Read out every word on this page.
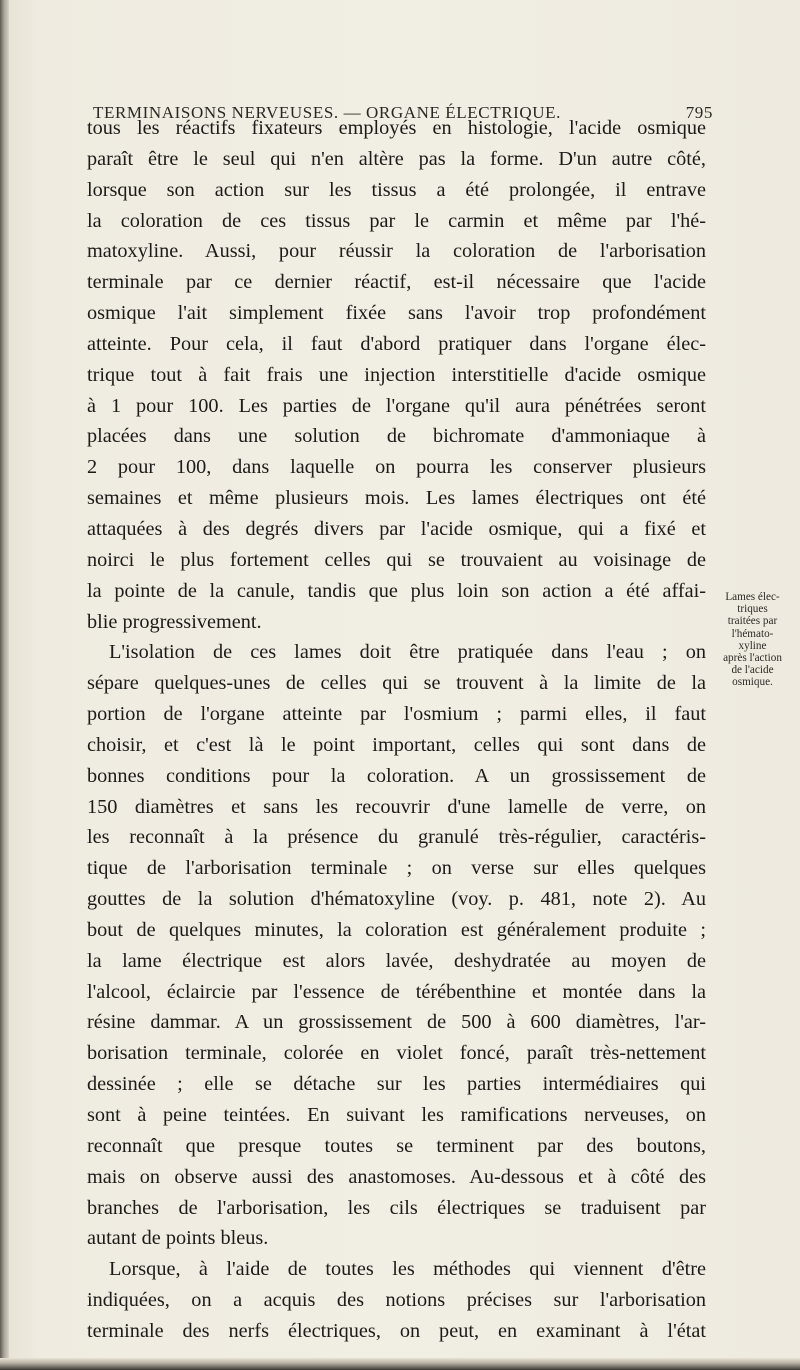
TERMINAISONS NERVEUSES. — ORGANE ÉLECTRIQUE.	795
tous les réactifs fixateurs employés en histologie, l'acide osmique
paraît être le seul qui n'en altère pas la forme. D'un autre côté,
lorsque son action sur les tissus a été prolongée, il entrave
la coloration de ces tissus par le carmin et même par l'hé-
matoxyline. Aussi, pour réussir la coloration de l'arborisation
terminale par ce dernier réactif, est-il nécessaire que l'acide
osmique l'ait simplement fixée sans l'avoir trop profondément
atteinte. Pour cela, il faut d'abord pratiquer dans l'organe élec-
trique tout à fait frais une injection interstitielle d'acide osmique
à 1 pour 100. Les parties de l'organe qu'il aura pénétrées seront
placées dans une solution de bichromate d'ammoniaque à
2 pour 100, dans laquelle on pourra les conserver plusieurs
semaines et même plusieurs mois. Les lames électriques ont été
attaquées à des degrés divers par l'acide osmique, qui a fixé et
noirci le plus fortement celles qui se trouvaient au voisinage de
la pointe de la canule, tandis que plus loin son action a été affai-
blie progressivement.
L'isolation de ces lames doit être pratiquée dans l'eau ; on
sépare quelques-unes de celles qui se trouvent à la limite de la
portion de l'organe atteinte par l'osmium ; parmi elles, il faut
choisir, et c'est là le point important, celles qui sont dans de
bonnes conditions pour la coloration. A un grossissement de
150 diamètres et sans les recouvrir d'une lamelle de verre, on
les reconnaît à la présence du granulé très-régulier, caractéris-
tique de l'arborisation terminale ; on verse sur elles quelques
gouttes de la solution d'hématoxyline (voy. p. 481, note 2). Au
bout de quelques minutes, la coloration est généralement produite ;
la lame électrique est alors lavée, deshydratée au moyen de
l'alcool, éclaircie par l'essence de térébenthine et montée dans la
résine dammar. A un grossissement de 500 à 600 diamètres, l'ar-
borisation terminale, colorée en violet foncé, paraît très-nettement
dessinée ; elle se détache sur les parties intermédiaires qui
sont à peine teintées. En suivant les ramifications nerveuses, on
reconnaît que presque toutes se terminent par des boutons,
mais on observe aussi des anastomoses. Au-dessous et à côté des
branches de l'arborisation, les cils électriques se traduisent par
autant de points bleus.
Lorsque, à l'aide de toutes les méthodes qui viennent d'être
indiquées, on a acquis des notions précises sur l'arborisation
terminale des nerfs électriques, on peut, en examinant à l'état
Lames élec-
triques
traitées par
l'hémato-
xyline
après l'action
de l'acide
osmique.
